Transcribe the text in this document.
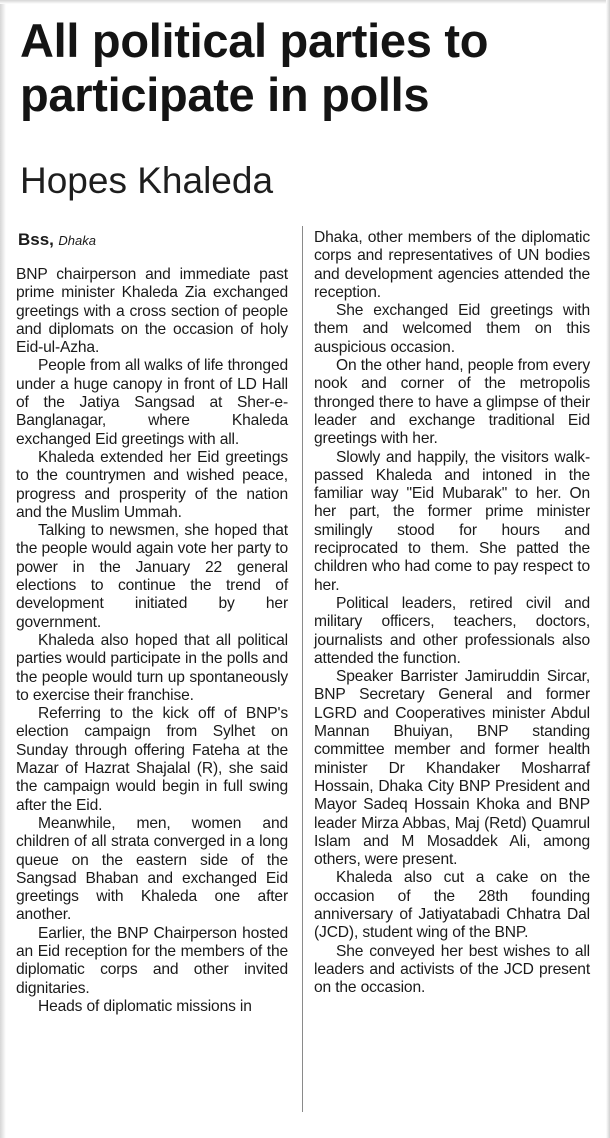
All political parties to participate in polls
Hopes Khaleda
Bss, Dhaka

BNP chairperson and immediate past prime minister Khaleda Zia exchanged greetings with a cross section of people and diplomats on the occasion of holy Eid-ul-Azha.

People from all walks of life thronged under a huge canopy in front of LD Hall of the Jatiya Sangsad at Sher-e-Banglanagar, where Khaleda exchanged Eid greetings with all.

Khaleda extended her Eid greetings to the countrymen and wished peace, progress and prosperity of the nation and the Muslim Ummah.

Talking to newsmen, she hoped that the people would again vote her party to power in the January 22 general elections to continue the trend of development initiated by her government.

Khaleda also hoped that all political parties would participate in the polls and the people would turn up spontaneously to exercise their franchise.

Referring to the kick off of BNP's election campaign from Sylhet on Sunday through offering Fateha at the Mazar of Hazrat Shajalal (R), she said the campaign would begin in full swing after the Eid.

Meanwhile, men, women and children of all strata converged in a long queue on the eastern side of the Sangsad Bhaban and exchanged Eid greetings with Khaleda one after another.

Earlier, the BNP Chairperson hosted an Eid reception for the members of the diplomatic corps and other invited dignitaries.

Heads of diplomatic missions in

Dhaka, other members of the diplomatic corps and representatives of UN bodies and development agencies attended the reception.

She exchanged Eid greetings with them and welcomed them on this auspicious occasion.

On the other hand, people from every nook and corner of the metropolis thronged there to have a glimpse of their leader and exchange traditional Eid greetings with her.

Slowly and happily, the visitors walk-passed Khaleda and intoned in the familiar way "Eid Mubarak" to her. On her part, the former prime minister smilingly stood for hours and reciprocated to them. She patted the children who had come to pay respect to her.

Political leaders, retired civil and military officers, teachers, doctors, journalists and other professionals also attended the function.

Speaker Barrister Jamiruddin Sircar, BNP Secretary General and former LGRD and Cooperatives minister Abdul Mannan Bhuiyan, BNP standing committee member and former health minister Dr Khandaker Mosharraf Hossain, Dhaka City BNP President and Mayor Sadeq Hossain Khoka and BNP leader Mirza Abbas, Maj (Retd) Quamrul Islam and M Mosaddek Ali, among others, were present.

Khaleda also cut a cake on the occasion of the 28th founding anniversary of Jatiyatabadi Chhatra Dal (JCD), student wing of the BNP.

She conveyed her best wishes to all leaders and activists of the JCD present on the occasion.
